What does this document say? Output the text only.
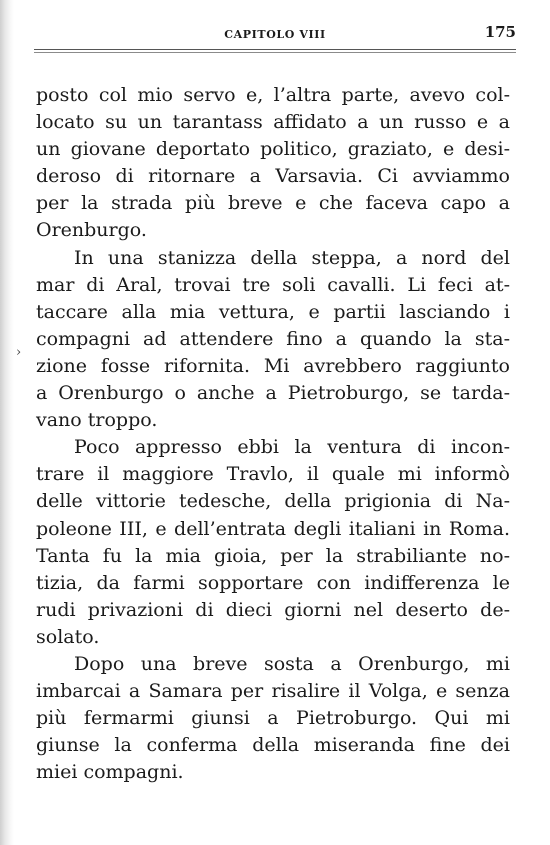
CAPITOLO VIII	175
›

posto col mio servo e, l’altra parte, avevo col-
locato su un tarantass affidato a un russo e a
un giovane deportato politico, graziato, e desi-
deroso di ritornare a Varsavia. Ci avviammo
per la strada più breve e che faceva capo a
Orenburgo.

In una stanizza della steppa, a nord del
mar di Aral, trovai tre soli cavalli. Li feci at-
taccare alla mia vettura, e partii lasciando i
compagni ad attendere fino a quando la sta-
zione fosse rifornita. Mi avrebbero raggiunto
a Orenburgo o anche a Pietroburgo, se tarda-
vano troppo.

Poco appresso ebbi la ventura di incon-
trare il maggiore Travlo, il quale mi informò
delle vittorie tedesche, della prigionia di Na-
poleone III, e dell’entrata degli italiani in Roma.
Tanta fu la mia gioia, per la strabiliante no-
tizia, da farmi sopportare con indifferenza le
rudi privazioni di dieci giorni nel deserto de-
solato.

Dopo una breve sosta a Orenburgo, mi
imbarcai a Samara per risalire il Volga, e senza
più fermarmi giunsi a Pietroburgo. Qui mi
giunse la conferma della miseranda fine dei
miei compagni.
